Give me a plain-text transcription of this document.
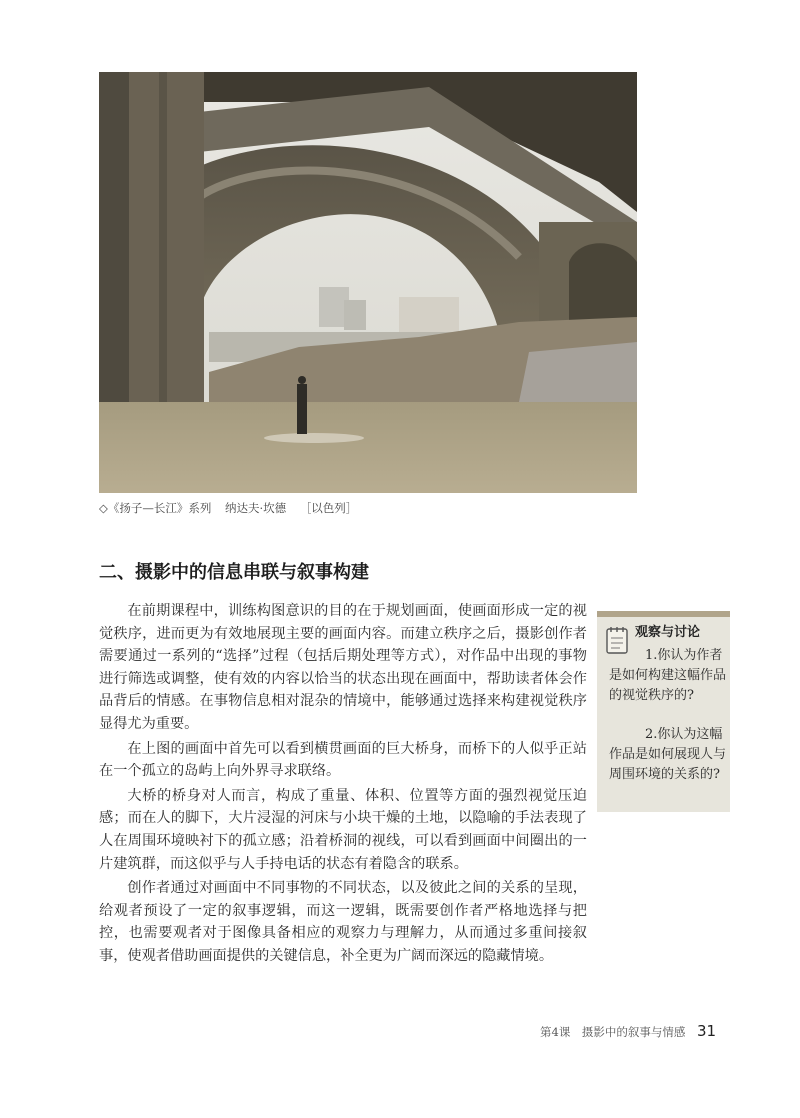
◇《扬子—长江》系列 纳达夫·坎德 ［以色列］
二、摄影中的信息串联与叙事构建

在前期课程中，训练构图意识的目的在于规划画面，使画面形成一定的视觉秩序，进而更为有效地展现主要的画面内容。而建立秩序之后，摄影创作者需要通过一系列的“选择”过程（包括后期处理等方式），对作品中出现的事物进行筛选或调整，使有效的内容以恰当的状态出现在画面中，帮助读者体会作品背后的情感。在事物信息相对混杂的情境中，能够通过选择来构建视觉秩序显得尤为重要。

在上图的画面中首先可以看到横贯画面的巨大桥身，而桥下的人似乎正站在一个孤立的岛屿上向外界寻求联络。

大桥的桥身对人而言，构成了重量、体积、位置等方面的强烈视觉压迫感；而在人的脚下，大片浸湿的河床与小块干燥的土地，以隐喻的手法表现了人在周围环境映衬下的孤立感；沿着桥洞的视线，可以看到画面中间圈出的一片建筑群，而这似乎与人手持电话的状态有着隐含的联系。

创作者通过对画面中不同事物的不同状态，以及彼此之间的关系的呈现，给观者预设了一定的叙事逻辑，而这一逻辑，既需要创作者严格地选择与把控，也需要观者对于图像具备相应的观察力与理解力，从而通过多重间接叙事，使观者借助画面提供的关键信息，补全更为广阔而深远的隐藏情境。

观察与讨论
1.你认为作者是如何构建这幅作品的视觉秩序的?
2.你认为这幅作品是如何展现人与周围环境的关系的?
第4课　摄影中的叙事与情感 31
